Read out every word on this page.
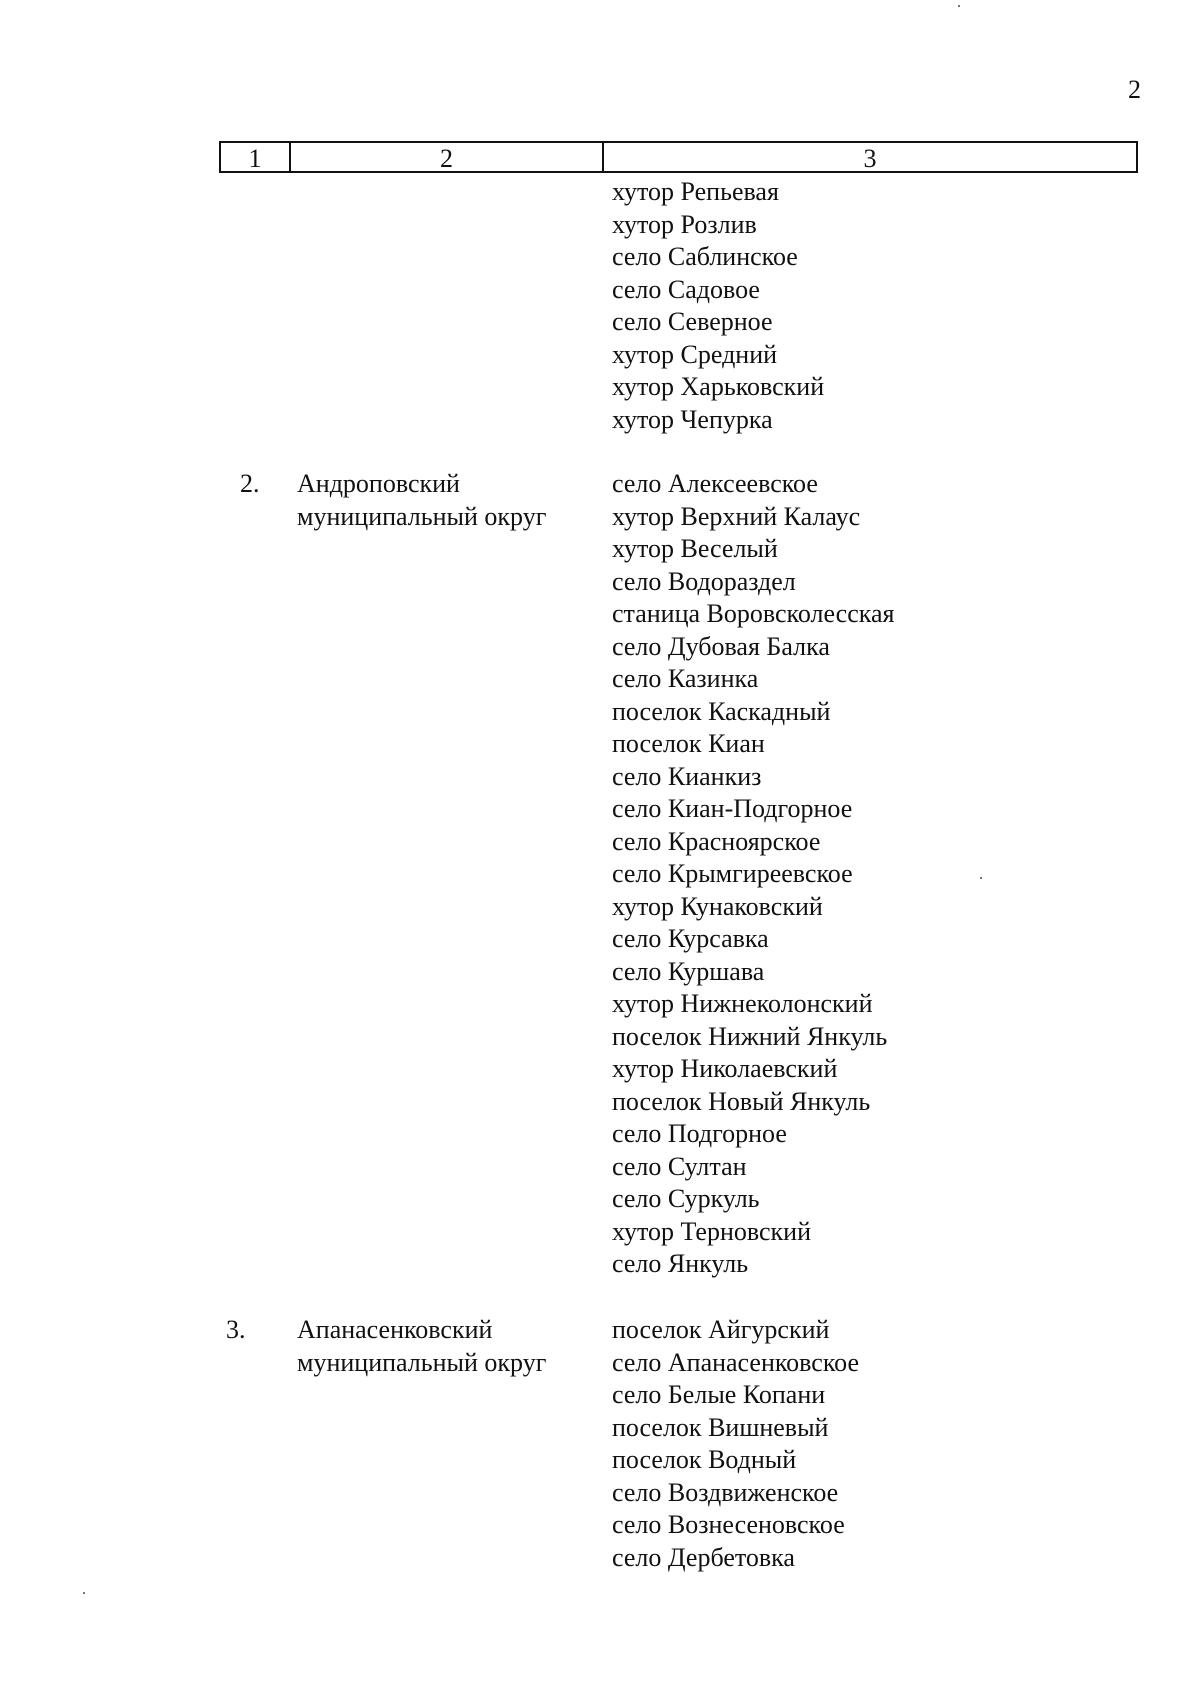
2
1	2	3
хутор Репьевая
хутор Розлив
село Саблинское
село Садовое
село Северное
хутор Средний
хутор Харьковский
хутор Чепурка
2. Андроповский
муниципальный округ
село Алексеевское
хутор Верхний Калаус
хутор Веселый
село Водораздел
станица Воровсколесская
село Дубовая Балка
село Казинка
поселок Каскадный
поселок Киан
село Кианкиз
село Киан-Подгорное
село Красноярское
село Крымгиреевское
хутор Кунаковский
село Курсавка
село Куршава
хутор Нижнеколонский
поселок Нижний Янкуль
хутор Николаевский
поселок Новый Янкуль
село Подгорное
село Султан
село Суркуль
хутор Терновский
село Янкуль
3. Апанасенковский
муниципальный округ
поселок Айгурский
село Апанасенковское
село Белые Копани
поселок Вишневый
поселок Водный
село Воздвиженское
село Вознесеновское
село Дербетовка
